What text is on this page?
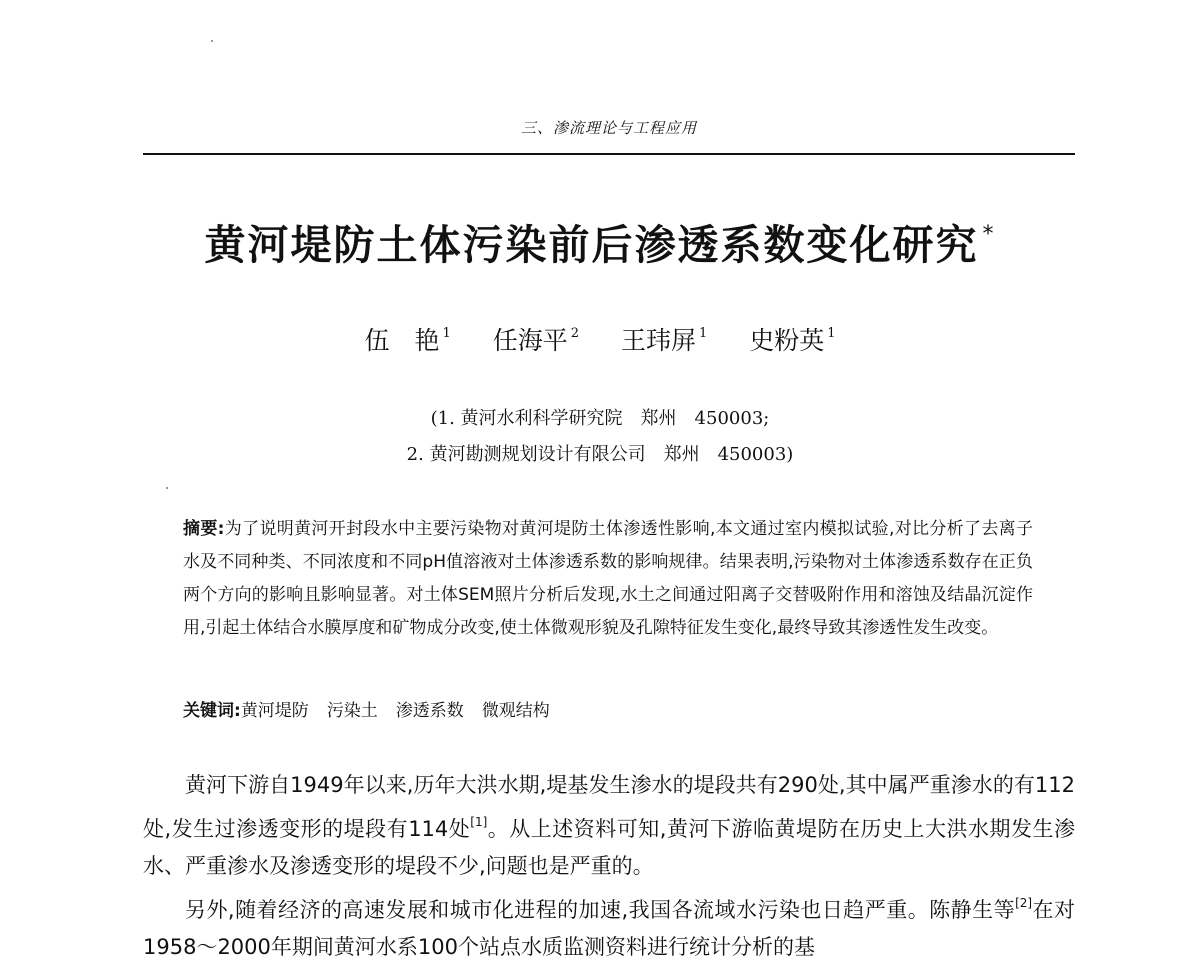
三、渗流理论与工程应用
黄河堤防土体污染前后渗透系数变化研究 *
伍　艳 $^1$ 任海平 $^2$ 王玮屏 $^1$ 史粉英 $^1$
(1. 黄河水利科学研究院　郑州　450003;
2. 黄河勘测规划设计有限公司　郑州　450003)
摘要:为了说明黄河开封段水中主要污染物对黄河堤防土体渗透性影响,本文通过室内模拟试验,对比分析了去离子水及不同种类、不同浓度和不同pH值溶液对土体渗透系数的影响规律。结果表明,污染物对土体渗透系数存在正负两个方向的影响且影响显著。对土体SEM照片分析后发现,水土之间通过阳离子交替吸附作用和溶蚀及结晶沉淀作用,引起土体结合水膜厚度和矿物成分改变,使土体微观形貌及孔隙特征发生变化,最终导致其渗透性发生改变。
关键词:黄河堤防 污染土 渗透系数 微观结构

黄河下游自1949年以来,历年大洪水期,堤基发生渗水的堤段共有290处,其中属严重渗水的有112处,发生过渗透变形的堤段有114处[1]。从上述资料可知,黄河下游临黄堤防在历史上大洪水期发生渗水、严重渗水及渗透变形的堤段不少,问题也是严重的。

另外,随着经济的高速发展和城市化进程的加速,我国各流域水污染也日趋严重。陈静生等[2]在对1958～2000年期间黄河水系100个站点水质监测资料进行统计分析的基
